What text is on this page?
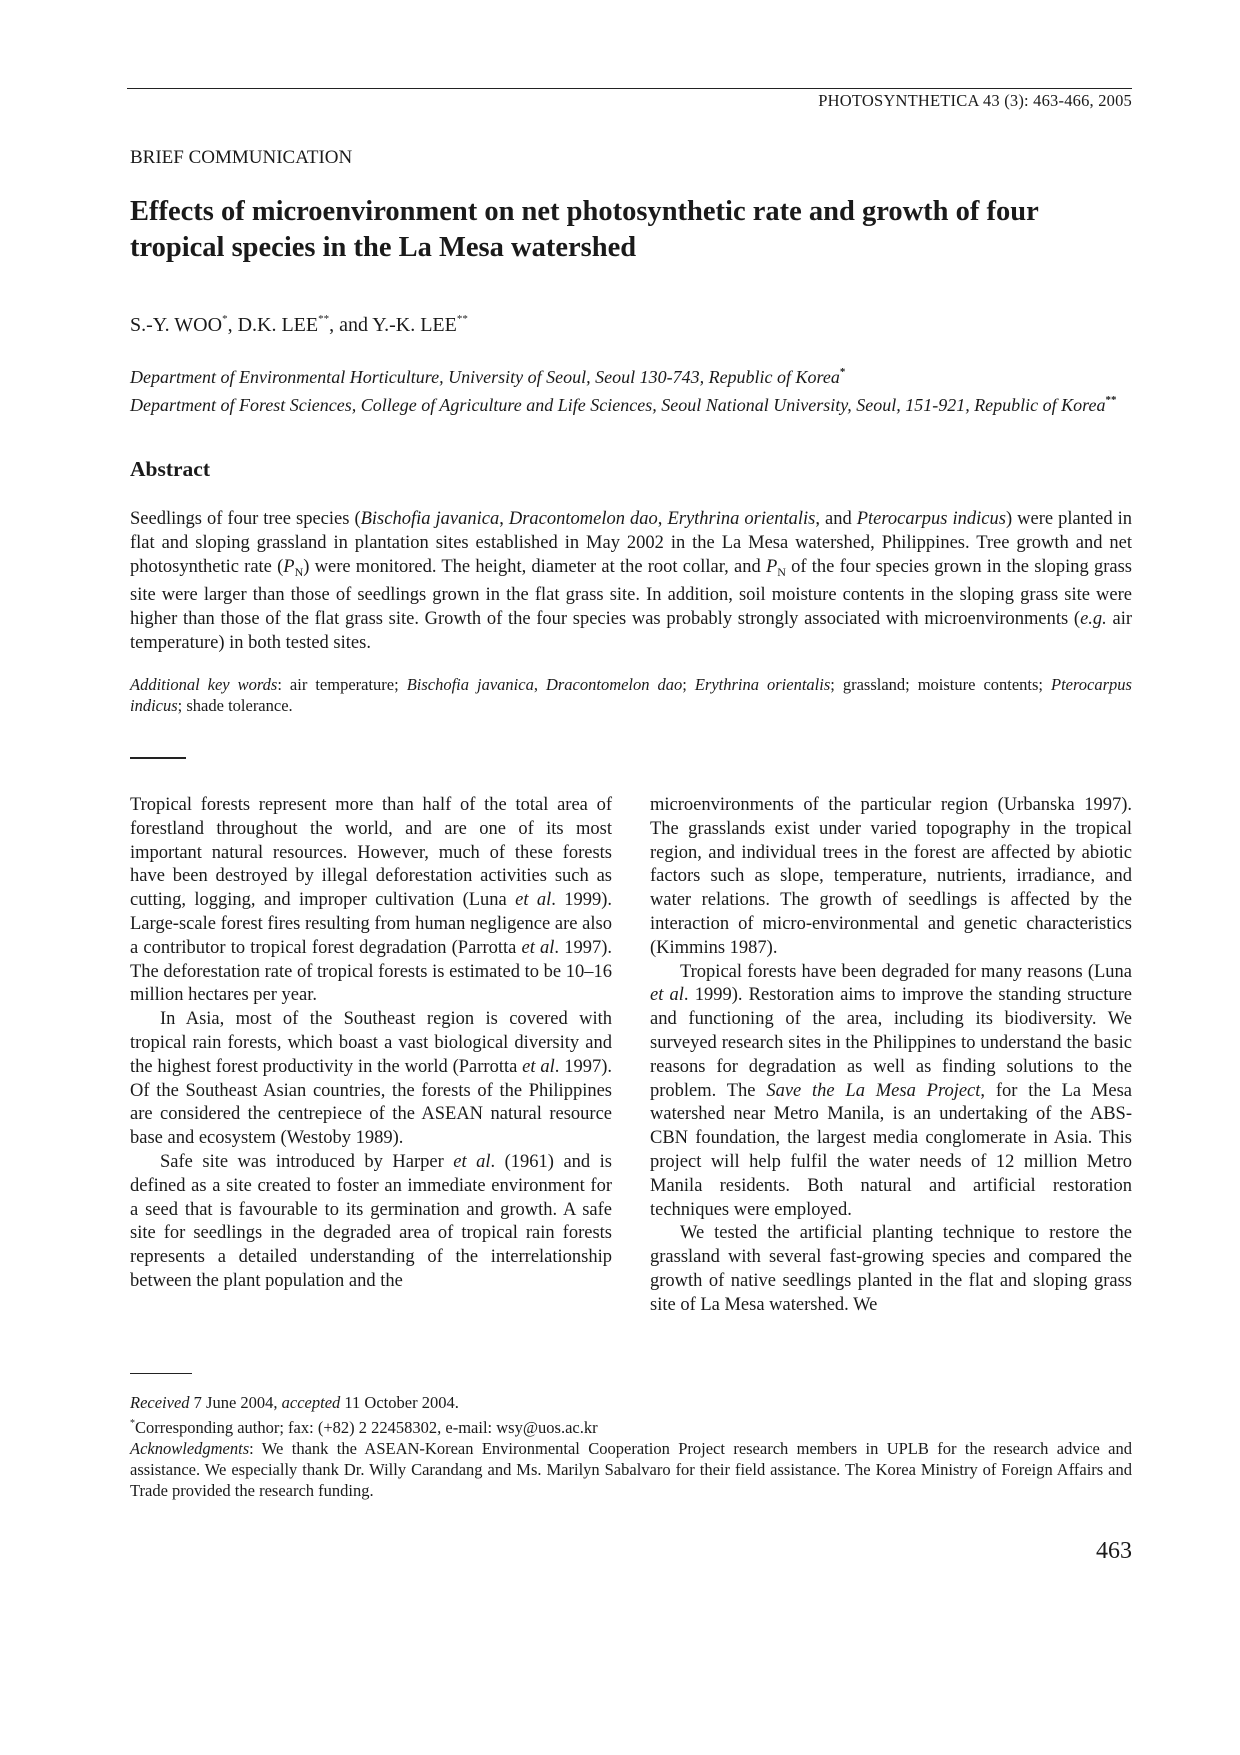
PHOTOSYNTHETICA 43 (3): 463-466, 2005
BRIEF COMMUNICATION
Effects of microenvironment on net photosynthetic rate and growth of four tropical species in the La Mesa watershed
S.-Y. WOO*, D.K. LEE**, and Y.-K. LEE**
Department of Environmental Horticulture, University of Seoul, Seoul 130-743, Republic of Korea*
Department of Forest Sciences, College of Agriculture and Life Sciences, Seoul National University, Seoul, 151-921, Republic of Korea**
Abstract
Seedlings of four tree species (Bischofia javanica, Dracontomelon dao, Erythrina orientalis, and Pterocarpus indicus) were planted in flat and sloping grassland in plantation sites established in May 2002 in the La Mesa watershed, Philippines. Tree growth and net photosynthetic rate $(P_N)$ were monitored. The height, diameter at the root collar, and $P_N$ of the four species grown in the sloping grass site were larger than those of seedlings grown in the flat grass site. In addition, soil moisture contents in the sloping grass site were higher than those of the flat grass site. Growth of the four species was probably strongly associated with microenvironments (e.g. air temperature) in both tested sites.
Additional key words: air temperature; Bischofia javanica, Dracontomelon dao; Erythrina orientalis; grassland; moisture contents; Pterocarpus indicus; shade tolerance.

Tropical forests represent more than half of the total area of forestland throughout the world, and are one of its most important natural resources. However, much of these forests have been destroyed by illegal deforestation activities such as cutting, logging, and improper cultivation (Luna et al. 1999). Large-scale forest fires resulting from human negligence are also a contributor to tropical forest degradation (Parrotta et al. 1997). The deforestation rate of tropical forests is estimated to be 10–16 million hectares per year.

In Asia, most of the Southeast region is covered with tropical rain forests, which boast a vast biological diversity and the highest forest productivity in the world (Parrotta et al. 1997). Of the Southeast Asian countries, the forests of the Philippines are considered the centrepiece of the ASEAN natural resource base and ecosystem (Westoby 1989).

Safe site was introduced by Harper et al. (1961) and is defined as a site created to foster an immediate environment for a seed that is favourable to its germination and growth. A safe site for seedlings in the degraded area of tropical rain forests represents a detailed understanding of the interrelationship between the plant population and the

microenvironments of the particular region (Urbanska 1997). The grasslands exist under varied topography in the tropical region, and individual trees in the forest are affected by abiotic factors such as slope, temperature, nutrients, irradiance, and water relations. The growth of seedlings is affected by the interaction of micro-environmental and genetic characteristics (Kimmins 1987).

Tropical forests have been degraded for many reasons (Luna et al. 1999). Restoration aims to improve the standing structure and functioning of the area, including its biodiversity. We surveyed research sites in the Philippines to understand the basic reasons for degradation as well as finding solutions to the problem. The Save the La Mesa Project, for the La Mesa watershed near Metro Manila, is an undertaking of the ABS-CBN foundation, the largest media conglomerate in Asia. This project will help fulfil the water needs of 12 million Metro Manila residents. Both natural and artificial restoration techniques were employed.

We tested the artificial planting technique to restore the grassland with several fast-growing species and compared the growth of native seedlings planted in the flat and sloping grass site of La Mesa watershed. We

Received 7 June 2004, accepted 11 October 2004.
*Corresponding author; fax: (+82) 2 22458302, e-mail: wsy@uos.ac.kr
Acknowledgments: We thank the ASEAN-Korean Environmental Cooperation Project research members in UPLB for the research advice and assistance. We especially thank Dr. Willy Carandang and Ms. Marilyn Sabalvaro for their field assistance. The Korea Ministry of Foreign Affairs and Trade provided the research funding.
463
